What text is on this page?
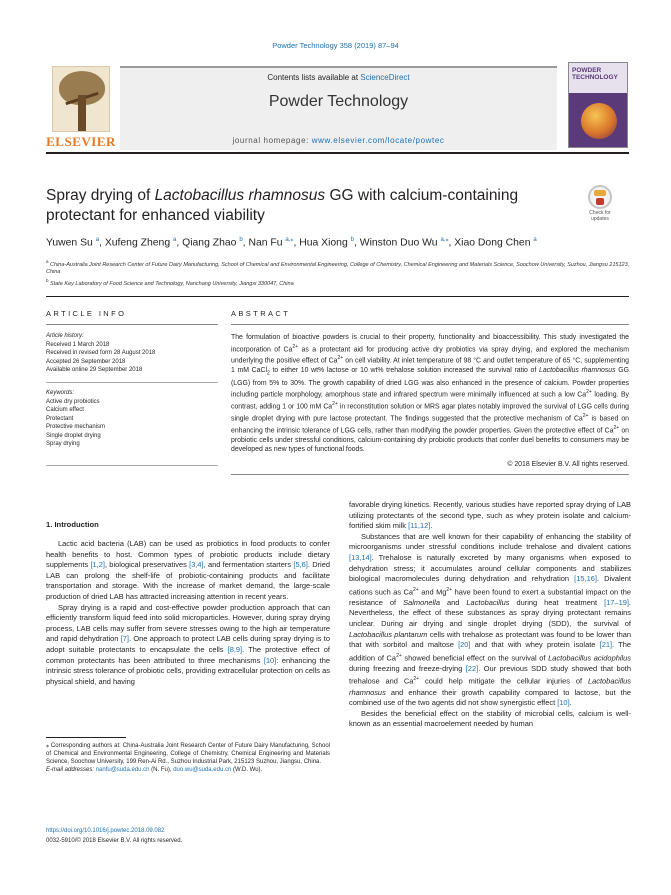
Powder Technology 358 (2019) 87–94
ELSEVIER
Contents lists available at ScienceDirect
Powder Technology
journal homepage: www.elsevier.com/locate/powtec
POWDER TECHNOLOGY
Spray drying of Lactobacillus rhamnosus GG with calcium-containing protectant for enhanced viability	Check for
updates
Yuwen Su $^a$, Xufeng Zheng $^a$, Qiang Zhao $^b$, Nan Fu $^{a,⁎}$, Hua Xiong $^b$, Winston Duo Wu $^{a,⁎}$, Xiao Dong Chen $^a$
$^a$ China-Australia Joint Research Center of Future Dairy Manufacturing, School of Chemical and Environmental Engineering, College of Chemistry, Chemical Engineering and Materials Science, Soochow University, Suzhou, Jiangsu 215123, China
$^b$ State Key Laboratory of Food Science and Technology, Nanchang University, Jiangxi 330047, China
ARTICLE INFO	ABSTRACT
Article history:
Received 1 March 2018
Received in revised form 28 August 2018
Accepted 26 September 2018
Available online 29 September 2018
Keywords:
Active dry probiotics
Calcium effect
Protectant
Protective mechanism
Single droplet drying
Spray drying
The formulation of bioactive powders is crucial to their property, functionality and bioaccessibility. This study investigated the incorporation of $Ca^{2+}$ as a protectant aid for producing active dry probiotics via spray drying, and explored the mechanism underlying the positive effect of $Ca^{2+}$ on cell viability. At inlet temperature of 98 °C and outlet temperature of 65 °C, supplementing 1 mM CaCl$_2$ to either 10 wt% lactose or 10 wt% trehalose solution increased the survival ratio of Lactobacillus rhamnosus GG (LGG) from 5% to 30%. The growth capability of dried LGG was also enhanced in the presence of calcium. Powder properties including particle morphology, amorphous state and infrared spectrum were minimally influenced at such a low $Ca^{2+}$ loading. By contrast, adding 1 or 100 mM $Ca^{2+}$ in reconstitution solution or MRS agar plates notably improved the survival of LGG cells during single droplet drying with pure lactose protectant. The findings suggested that the protective mechanism of $Ca^{2+}$ is based on enhancing the intrinsic tolerance of LGG cells, rather than modifying the powder properties. Given the protective effect of $Ca^{2+}$ on probiotic cells under stressful conditions, calcium-containing dry probiotic products that confer duel benefits to consumers may be developed as new types of functional foods.
© 2018 Elsevier B.V. All rights reserved.
1. Introduction

Lactic acid bacteria (LAB) can be used as probiotics in food products to confer health benefits to host. Common types of probiotic products include dietary supplements [1,2], biological preservatives [3,4], and fermentation starters [5,6]. Dried LAB can prolong the shelf-life of probiotic-containing products and facilitate transportation and storage. With the increase of market demand, the large-scale production of dried LAB has attracted increasing attention in recent years.

Spray drying is a rapid and cost-effective powder production approach that can efficiently transform liquid feed into solid microparticles. However, during spray drying process, LAB cells may suffer from severe stresses owing to the high air temperature and rapid dehydration [7]. One approach to protect LAB cells during spray drying is to adopt suitable protectants to encapsulate the cells [8,9]. The protective effect of common protectants has been attributed to three mechanisms [10]: enhancing the intrinsic stress tolerance of probiotic cells, providing extracellular protection on cells as physical shield, and having

favorable drying kinetics. Recently, various studies have reported spray drying of LAB utilizing protectants of the second type, such as whey protein isolate and calcium-fortified skim milk [11,12].

Substances that are well known for their capability of enhancing the stability of microorganisms under stressful conditions include trehalose and divalent cations [13,14]. Trehalose is naturally excreted by many organisms when exposed to dehydration stress; it accumulates around cellular components and stabilizes biological macromolecules during dehydration and rehydration [15,16]. Divalent cations such as $Ca^{2+}$ and $Mg^{2+}$ have been found to exert a substantial impact on the resistance of Salmonella and Lactobacillus during heat treatment [17–19]. Nevertheless, the effect of these substances as spray drying protectant remains unclear. During air drying and single droplet drying (SDD), the survival of Lactobacillus plantarum cells with trehalose as protectant was found to be lower than that with sorbitol and maltose [20] and that with whey protein isolate [21]. The addition of $Ca^{2+}$ showed beneficial effect on the survival of Lactobacillus acidophilus during freezing and freeze-drying [22]. Our previous SDD study showed that both trehalose and $Ca^{2+}$ could help mitigate the cellular injuries of Lactobacillus rhamnosus and enhance their growth capability compared to lactose, but the combined use of the two agents did not show synergistic effect [10].

Besides the beneficial effect on the stability of microbial cells, calcium is well-known as an essential macroelement needed by human

⁎ Corresponding authors at: China-Australia Joint Research Center of Future Dairy Manufacturing, School of Chemical and Environmental Engineering, College of Chemistry, Chemical Engineering and Materials Science, Soochow University, 199 Ren-Ai Rd., Suzhou Industrial Park, 215123 Suzhou, Jiangsu, China.
E-mail addresses: nanfu@suda.edu.cn (N. Fu), duo.wu@suda.edu.cn (W.D. Wu).
https://doi.org/10.1016/j.powtec.2018.09.082
0032-5910/© 2018 Elsevier B.V. All rights reserved.
